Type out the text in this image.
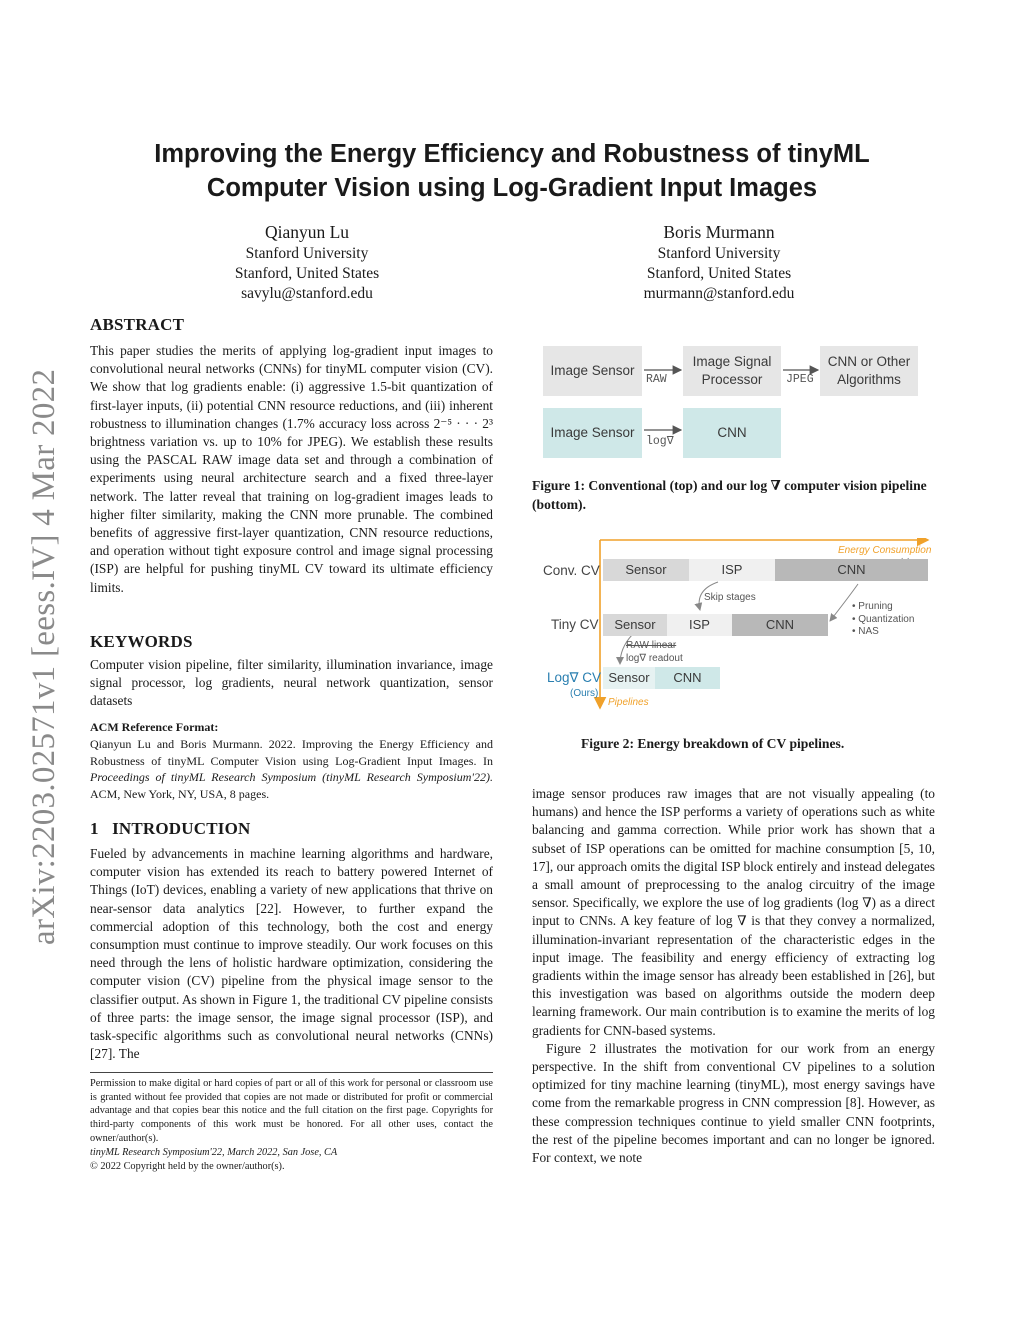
arXiv:2203.02571v1 [eess.IV] 4 Mar 2022
Improving the Energy Efficiency and Robustness of tinyML
Computer Vision using Log-Gradient Input Images
Qianyun Lu
Stanford University
Stanford, United States
savylu@stanford.edu
Boris Murmann
Stanford University
Stanford, United States
murmann@stanford.edu
ABSTRACT

This paper studies the merits of applying log-gradient input images to convolutional neural networks (CNNs) for tinyML computer vision (CV). We show that log gradients enable: (i) aggressive 1.5-bit quantization of first-layer inputs, (ii) potential CNN resource reductions, and (iii) inherent robustness to illumination changes (1.7% accuracy loss across 2⁻⁵ · · · 2³ brightness variation vs. up to 10% for JPEG). We establish these results using the PASCAL RAW image data set and through a combination of experiments using neural architecture search and a fixed three-layer network. The latter reveal that training on log-gradient images leads to higher filter similarity, making the CNN more prunable. The combined benefits of aggressive first-layer quantization, CNN resource reductions, and operation without tight exposure control and image signal processing (ISP) are helpful for pushing tinyML CV toward its ultimate efficiency limits.

KEYWORDS
Computer vision pipeline, filter similarity, illumination invariance, image signal processor, log gradients, neural network quantization, sensor datasets
ACM Reference Format:
Qianyun Lu and Boris Murmann. 2022. Improving the Energy Efficiency and Robustness of tinyML Computer Vision using Log-Gradient Input Images. In Proceedings of tinyML Research Symposium (tinyML Research Symposium'22). ACM, New York, NY, USA, 8 pages.
1 INTRODUCTION
Fueled by advancements in machine learning algorithms and hardware, computer vision has extended its reach to battery powered Internet of Things (IoT) devices, enabling a variety of new applications that thrive on near-sensor data analytics [22]. However, to further expand the commercial adoption of this technology, both the cost and energy consumption must continue to improve steadily. Our work focuses on this need through the lens of holistic hardware optimization, considering the computer vision (CV) pipeline from the physical image sensor to the classifier output. As shown in Figure 1, the traditional CV pipeline consists of three parts: the image sensor, the image signal processor (ISP), and task-specific algorithms such as convolutional neural networks (CNNs) [27]. The
Permission to make digital or hard copies of part or all of this work for personal or classroom use is granted without fee provided that copies are not made or distributed for profit or commercial advantage and that copies bear this notice and the full citation on the first page. Copyrights for third-party components of this work must be honored. For all other uses, contact the owner/author(s).
tinyML Research Symposium'22, March 2022, San Jose, CA
© 2022 Copyright held by the owner/author(s).
Image Sensor
Image Signal Processor
CNN or Other Algorithms
Image Sensor	CNN
RAW	JPEG
log∇
Figure 1: Conventional (top) and our log ∇ computer vision pipeline (bottom).
Energy Consumption
Pipelines
Conv. CV
Tiny CV
Log∇ CV
(Ours)
Sensor	ISP	CNN
Sensor	ISP	CNN
Sensor	CNN
Skip stages
RAW linear
log∇ readout
• Pruning
• Quantization
• NAS
Figure 2: Energy breakdown of CV pipelines.

image sensor produces raw images that are not visually appealing (to humans) and hence the ISP performs a variety of operations such as white balancing and gamma correction. While prior work has shown that a subset of ISP operations can be omitted for machine consumption [5, 10, 17], our approach omits the digital ISP block entirely and instead delegates a small amount of preprocessing to the analog circuitry of the image sensor. Specifically, we explore the use of log gradients (log ∇) as a direct input to CNNs. A key feature of log ∇ is that they convey a normalized, illumination-invariant representation of the characteristic edges in the input image. The feasibility and energy efficiency of extracting log gradients within the image sensor has already been established in [26], but this investigation was based on algorithms outside the modern deep learning framework. Our main contribution is to examine the merits of log gradients for CNN-based systems.

Figure 2 illustrates the motivation for our work from an energy perspective. In the shift from conventional CV pipelines to a solution optimized for tiny machine learning (tinyML), most energy savings have come from the remarkable progress in CNN compression [8]. However, as these compression techniques continue to yield smaller CNN footprints, the rest of the pipeline becomes important and can no longer be ignored. For context, we note
